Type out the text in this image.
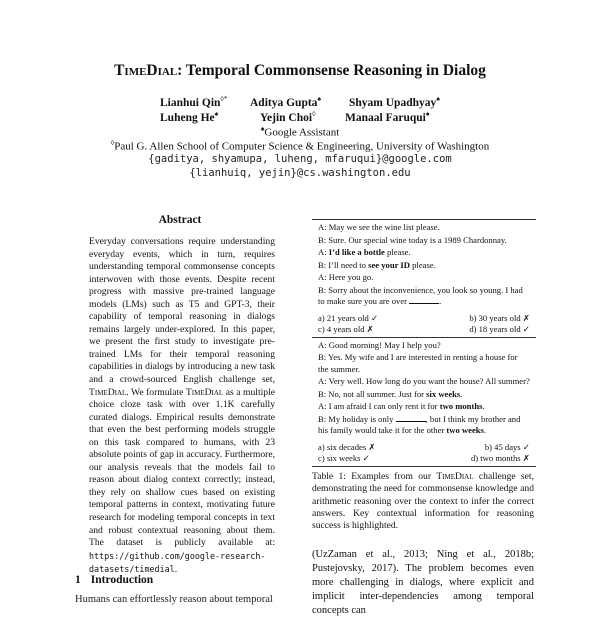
TimeDial: Temporal Commonsense Reasoning in Dialog
Lianhui Qin◊* Aditya Gupta♠ Shyam Upadhyay♠
Luheng He♠	Yejin Choi◊	Manaal Faruqui♠
♠Google Assistant
◊Paul G. Allen School of Computer Science & Engineering, University of Washington
{gaditya, shyamupa, luheng, mfaruqui}@google.com
{lianhuiq, yejin}@cs.washington.edu
Abstract
Everyday conversations require understanding everyday events, which in turn, requires understanding temporal commonsense concepts interwoven with those events. Despite recent progress with massive pre-trained language models (LMs) such as T5 and GPT-3, their capability of temporal reasoning in dialogs remains largely under-explored. In this paper, we present the first study to investigate pre-trained LMs for their temporal reasoning capabilities in dialogs by introducing a new task and a crowd-sourced English challenge set, TimeDial. We formulate TimeDial as a multiple choice cloze task with over 1.1K carefully curated dialogs. Empirical results demonstrate that even the best performing models struggle on this task compared to humans, with 23 absolute points of gap in accuracy. Furthermore, our analysis reveals that the models fail to reason about dialog context correctly; instead, they rely on shallow cues based on existing temporal patterns in context, motivating future research for modeling temporal concepts in text and robust contextual reasoning about them. The dataset is publicly available at: https://github.com/google-research-datasets/timedial.
1 Introduction
Humans can effortlessly reason about temporal

A: May we see the wine list please.

B: Sure. Our special wine today is a 1989 Chardonnay.

A: I’d like a bottle please.

B: I’ll need to see your ID please.

A: Here you go.

B: Sorry about the inconvenience, you look so young. I had to make sure you are over	.

a) 21 years old ✓	b) 30 years old ✗
c) 4 years old ✗	d) 18 years old ✓

A: Good morning! May I help you?

B: Yes. My wife and I are interested in renting a house for the summer.

A: Very well. How long do you want the house? All summer?

B: No, not all summer. Just for six weeks.

A: I am afraid I can only rent it for two months.

B: My holiday is only	, but I think my brother and his family would take it for the other two weeks.

a) six decades ✗	b) 45 days ✓
c) six weeks ✓	d) two months ✗
Table 1: Examples from our TimeDial challenge set, demonstrating the need for commonsense knowledge and arithmetic reasoning over the context to infer the correct answers. Key contextual information for reasoning success is highlighted.
(UzZaman et al., 2013; Ning et al., 2018b; Pustejovsky, 2017). The problem becomes even more challenging in dialogs, where explicit and implicit inter-dependencies among temporal concepts can
